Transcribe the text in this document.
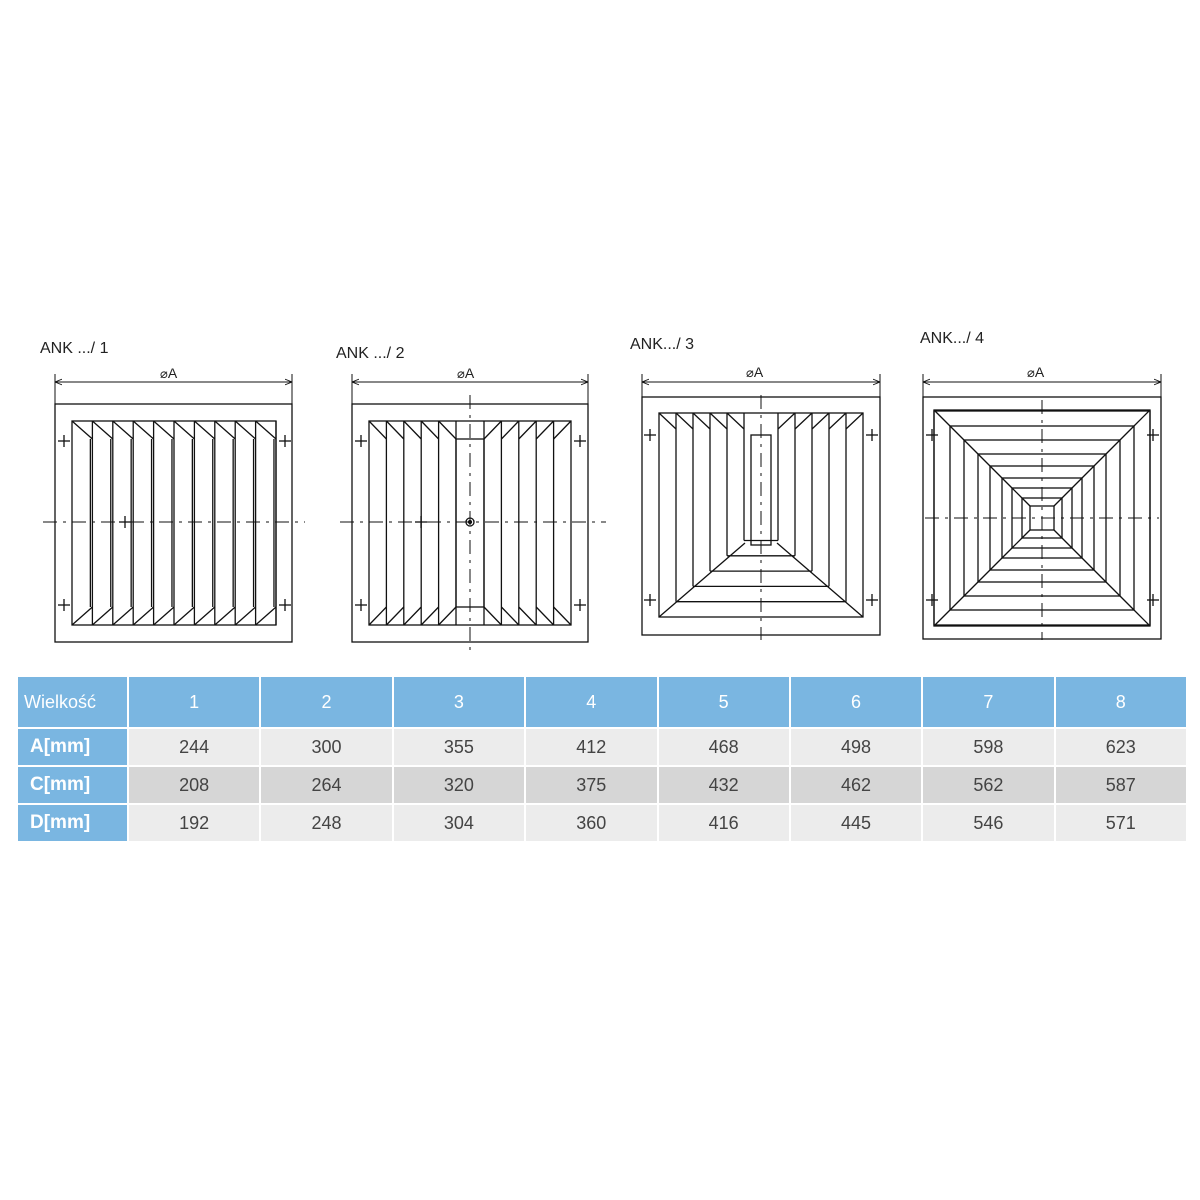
ANK .../ 1	ANK .../ 2
ANK.../ 3	ANK.../ 4
⌀A	⌀A	⌀A	⌀A
Wielkość	1	2	3	4	5	6	7	8
A[mm]	244	300	355	412	468	498	598	623
C[mm]	208	264	320	375	432	462	562	587
D[mm]	192	248	304	360	416	445	546	571
